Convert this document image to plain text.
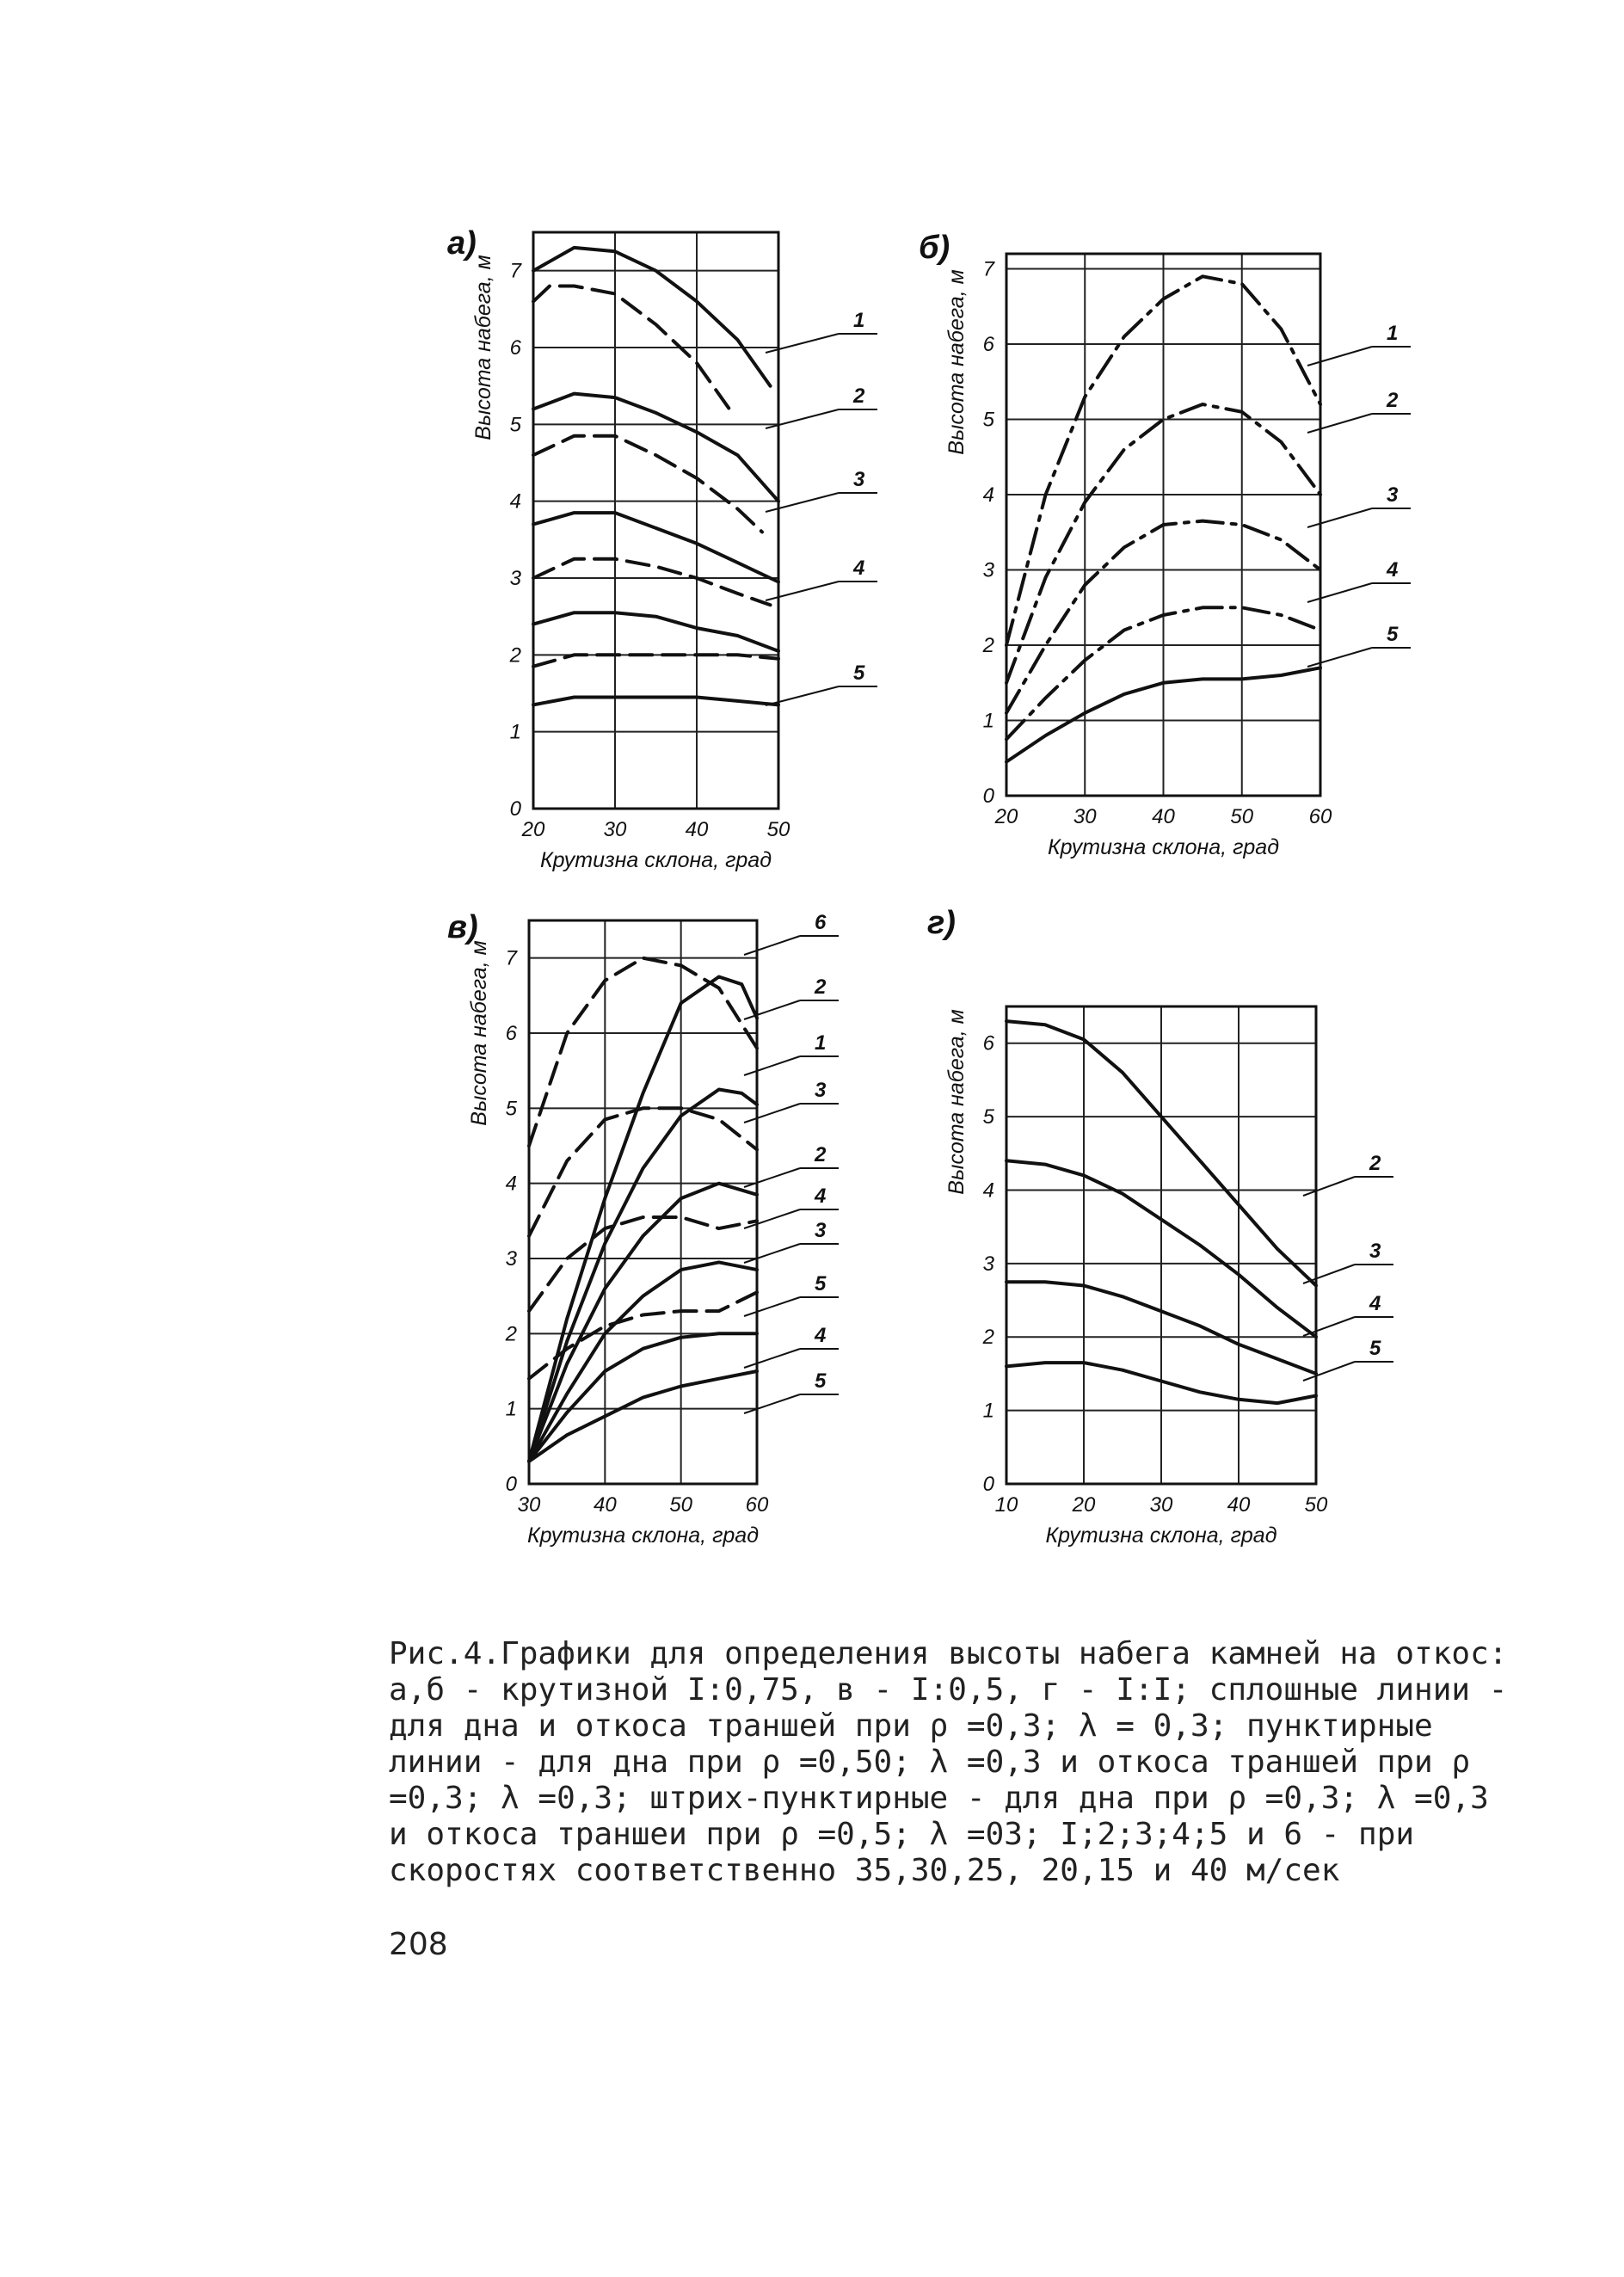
20	30	40	50
0
1
2
3
4
5
6
7
Крутизна склона, град
Высота набега, м
а)
1
2
3
4
5
20	30	40	50	60
0
1
2
3
4
5
6
7
Крутизна склона, град
Высота набега, м
б)
1
2
3
4
5
30	40	50	60
0
1
2
3
4
5
6
7
Крутизна склона, град
Высота набега, м
в)	6
2
1
3
2
4
3
5
4
5
10	20	30	40	50
0
1
2
3
4
5
6
Крутизна склона, град
Высота набега, м
г)
2
3
4
5
Рис.4.Графики для определения высоты набега камней на откос: а,б - крутизной I:0,75, в - I:0,5, г - I:I; сплошные линии - для дна и откоса траншей при ρ =0,3; λ = 0,3; пунктирные линии - для дна при ρ =0,50; λ =0,3 и откоса траншей при ρ =0,3; λ =0,3; штрих-пунктирные - для дна при ρ =0,3; λ =0,3 и откоса траншеи при ρ =0,5; λ =03; I;2;3;4;5 и 6 - при скоростях соответственно 35,30,25, 20,15 и 40 м/сек
208
